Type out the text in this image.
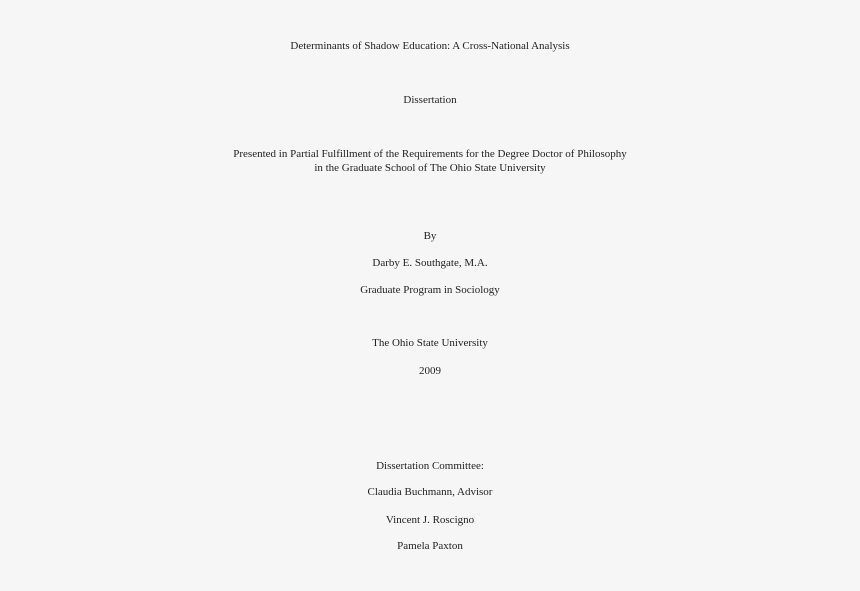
Determinants of Shadow Education: A Cross-National Analysis
Dissertation
Presented in Partial Fulfillment of the Requirements for the Degree Doctor of Philosophy
in the Graduate School of The Ohio State University
By
Darby E. Southgate, M.A.
Graduate Program in Sociology
The Ohio State University
2009
Dissertation Committee:
Claudia Buchmann, Advisor
Vincent J. Roscigno
Pamela Paxton
